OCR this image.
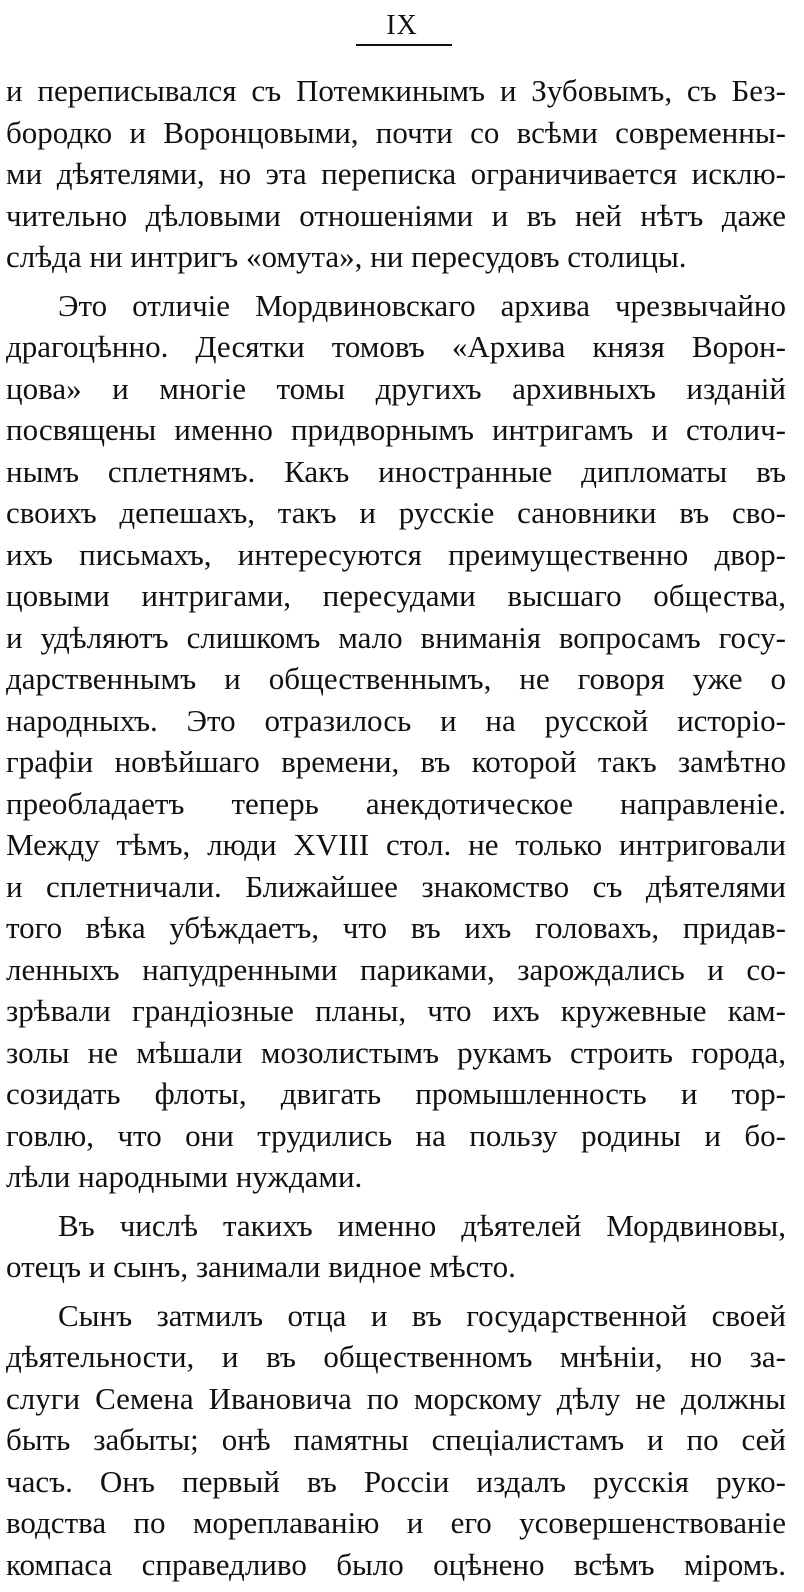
IX

и переписывался съ Потемкинымъ и Зубовымъ, съ Без-
бородко и Воронцовыми, почти со всѣми современны-
ми дѣятелями, но эта переписка ограничивается исклю-
чительно дѣловыми отношеніями и въ ней нѣтъ даже
слѣда ни интригъ «омута», ни пересудовъ столицы.

Это отличіе Мордвиновскаго архива чрезвычайно
драгоцѣнно. Десятки томовъ «Архива князя Ворон-
цова» и многіе томы другихъ архивныхъ изданій
посвящены именно придворнымъ интригамъ и столич-
нымъ сплетнямъ. Какъ иностранные дипломаты въ
своихъ депешахъ, такъ и русскіе сановники въ сво-
ихъ письмахъ, интересуются преимущественно двор-
цовыми интригами, пересудами высшаго общества,
и удѣляютъ слишкомъ мало вниманія вопросамъ госу-
дарственнымъ и общественнымъ, не говоря уже о
народныхъ. Это отразилось и на русской исторіо-
графіи новѣйшаго времени, въ которой такъ замѣтно
преобладаетъ теперь анекдотическое направленіе.
Между тѣмъ, люди XVIII стол. не только интриговали
и сплетничали. Ближайшее знакомство съ дѣятелями
того вѣка убѣждаетъ, что въ ихъ головахъ, придав-
ленныхъ напудренными париками, зарождались и со-
зрѣвали грандіозные планы, что ихъ кружевные кам-
золы не мѣшали мозолистымъ рукамъ строить города,
созидать флоты, двигать промышленность и тор-
говлю, что они трудились на пользу родины и бо-
лѣли народными нуждами.

Въ числѣ такихъ именно дѣятелей Мордвиновы,
отецъ и сынъ, занимали видное мѣсто.

Сынъ затмилъ отца и въ государственной своей
дѣятельности, и въ общественномъ мнѣніи, но за-
слуги Семена Ивановича по морскому дѣлу не должны
быть забыты; онѣ памятны спеціалистамъ и по сей
часъ. Онъ первый въ Россіи издалъ русскія руко-
водства по мореплаванію и его усовершенствованіе
компаса справедливо было оцѣнено всѣмъ міромъ.
